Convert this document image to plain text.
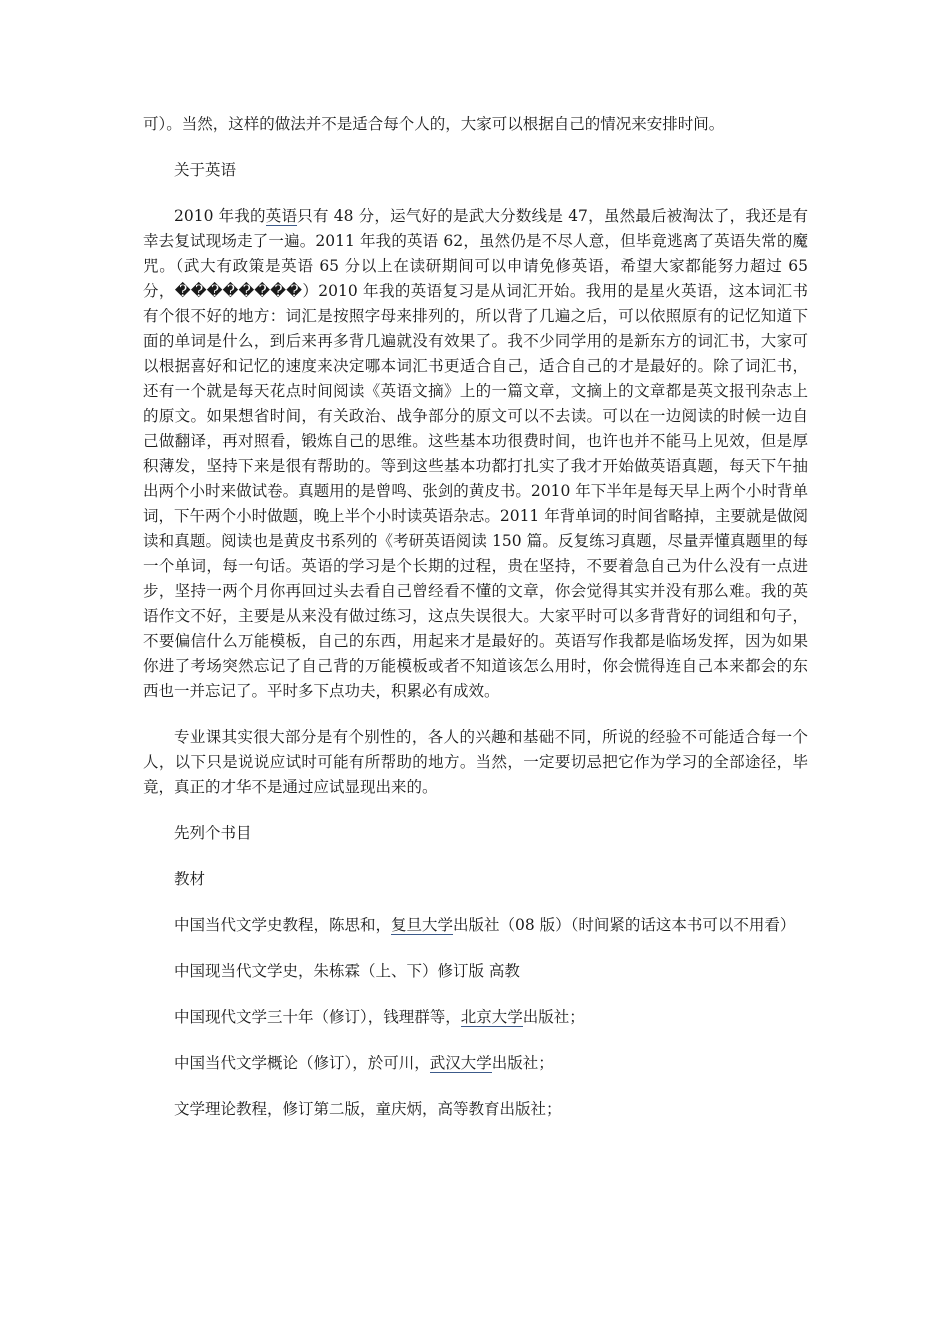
可）。当然，这样的做法并不是适合每个人的，大家可以根据自己的情况来安排时间。

关于英语

2010 年我的英语只有 48 分，运气好的是武大分数线是 47，虽然最后被淘汰了，我还是有幸去复试现场走了一遍。2011 年我的英语 62，虽然仍是不尽人意，但毕竟逃离了英语失常的魔咒。（武大有政策是英语 65 分以上在读研期间可以申请免修英语，希望大家都能努力超过 65 分，��������）2010 年我的英语复习是从词汇开始。我用的是星火英语，这本词汇书有个很不好的地方：词汇是按照字母来排列的，所以背了几遍之后，可以依照原有的记忆知道下面的单词是什么，到后来再多背几遍就没有效果了。我不少同学用的是新东方的词汇书，大家可以根据喜好和记忆的速度来决定哪本词汇书更适合自己，适合自己的才是最好的。除了词汇书，还有一个就是每天花点时间阅读《英语文摘》上的一篇文章，文摘上的文章都是英文报刊杂志上的原文。如果想省时间，有关政治、战争部分的原文可以不去读。可以在一边阅读的时候一边自己做翻译，再对照看，锻炼自己的思维。这些基本功很费时间，也许也并不能马上见效，但是厚积薄发，坚持下来是很有帮助的。等到这些基本功都打扎实了我才开始做英语真题，每天下午抽出两个小时来做试卷。真题用的是曾鸣、张剑的黄皮书。2010 年下半年是每天早上两个小时背单词，下午两个小时做题，晚上半个小时读英语杂志。2011 年背单词的时间省略掉，主要就是做阅读和真题。阅读也是黄皮书系列的《考研英语阅读 150 篇。反复练习真题，尽量弄懂真题里的每一个单词，每一句话。英语的学习是个长期的过程，贵在坚持，不要着急自己为什么没有一点进步，坚持一两个月你再回过头去看自己曾经看不懂的文章，你会觉得其实并没有那么难。我的英语作文不好，主要是从来没有做过练习，这点失误很大。大家平时可以多背背好的词组和句子，不要偏信什么万能模板，自己的东西，用起来才是最好的。英语写作我都是临场发挥，因为如果你进了考场突然忘记了自己背的万能模板或者不知道该怎么用时，你会慌得连自己本来都会的东西也一并忘记了。平时多下点功夫，积累必有成效。

专业课其实很大部分是有个别性的，各人的兴趣和基础不同，所说的经验不可能适合每一个人，以下只是说说应试时可能有所帮助的地方。当然，一定要切忌把它作为学习的全部途径，毕竟，真正的才华不是通过应试显现出来的。

先列个书目

教材

中国当代文学史教程，陈思和，复旦大学出版社（08 版）（时间紧的话这本书可以不用看）

中国现当代文学史，朱栋霖（上、下）修订版 高教

中国现代文学三十年（修订），钱理群等，北京大学出版社；

中国当代文学概论（修订），於可川，武汉大学出版社；

文学理论教程，修订第二版，童庆炳，高等教育出版社；
